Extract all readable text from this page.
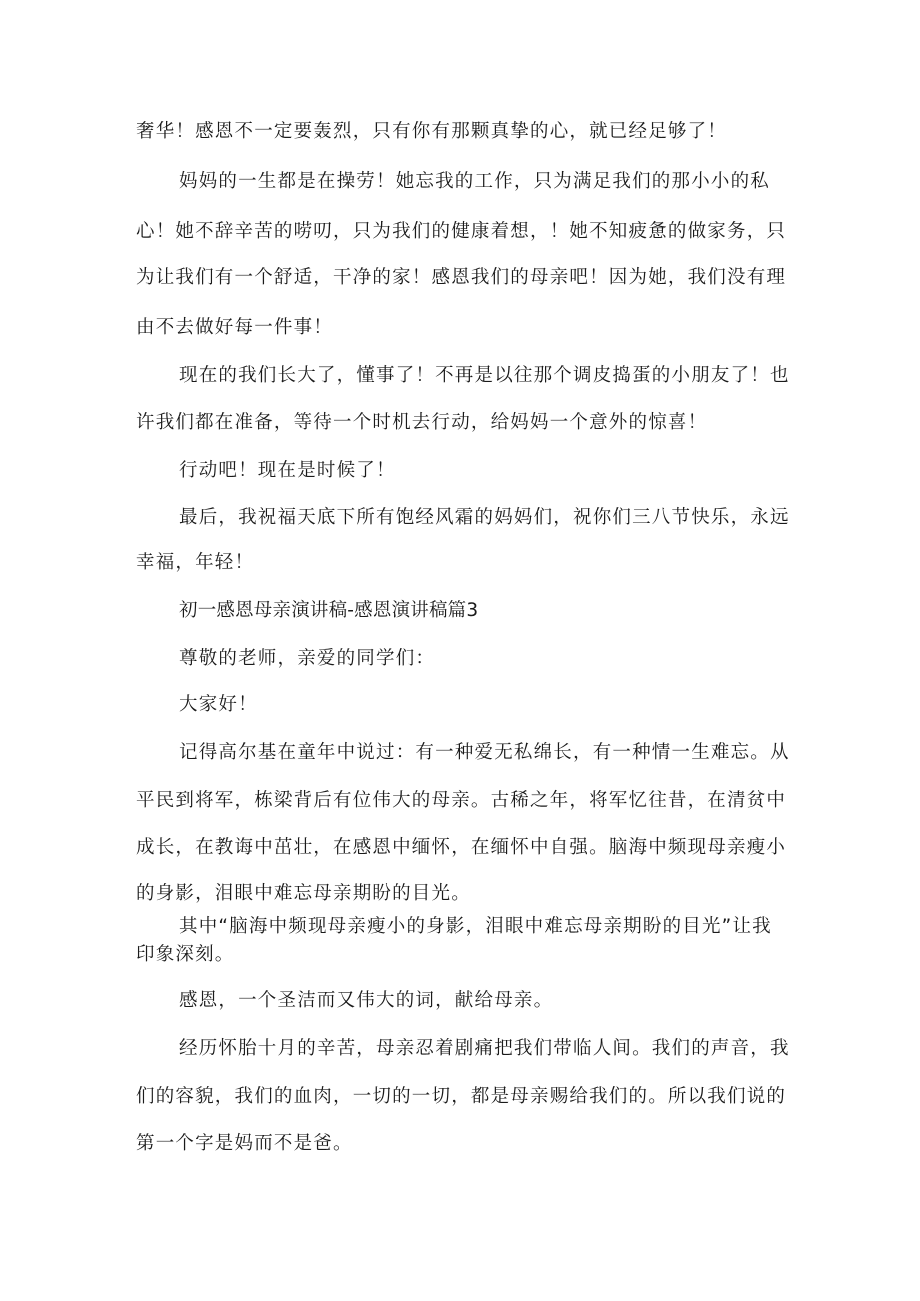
奢华！感恩不一定要轰烈，只有你有那颗真挚的心，就已经足够了！
妈妈的一生都是在操劳！她忘我的工作，只为满足我们的那小小的私
心！她不辞辛苦的唠叨，只为我们的健康着想，！她不知疲惫的做家务，只
为让我们有一个舒适，干净的家！感恩我们的母亲吧！因为她，我们没有理
由不去做好每一件事！
现在的我们长大了，懂事了！不再是以往那个调皮捣蛋的小朋友了！也
许我们都在准备，等待一个时机去行动，给妈妈一个意外的惊喜！
行动吧！现在是时候了！
最后，我祝福天底下所有饱经风霜的妈妈们，祝你们三八节快乐，永远
幸福，年轻！
初一感恩母亲演讲稿-感恩演讲稿篇3
尊敬的老师，亲爱的同学们：
大家好！
记得高尔基在童年中说过：有一种爱无私绵长，有一种情一生难忘。从
平民到将军，栋梁背后有位伟大的母亲。古稀之年，将军忆往昔，在清贫中
成长，在教诲中茁壮，在感恩中缅怀，在缅怀中自强。脑海中频现母亲瘦小
的身影，泪眼中难忘母亲期盼的目光。
其中“脑海中频现母亲瘦小的身影，泪眼中难忘母亲期盼的目光”让我
印象深刻。
感恩，一个圣洁而又伟大的词，献给母亲。
经历怀胎十月的辛苦，母亲忍着剧痛把我们带临人间。我们的声音，我
们的容貌，我们的血肉，一切的一切，都是母亲赐给我们的。所以我们说的
第一个字是妈而不是爸。
